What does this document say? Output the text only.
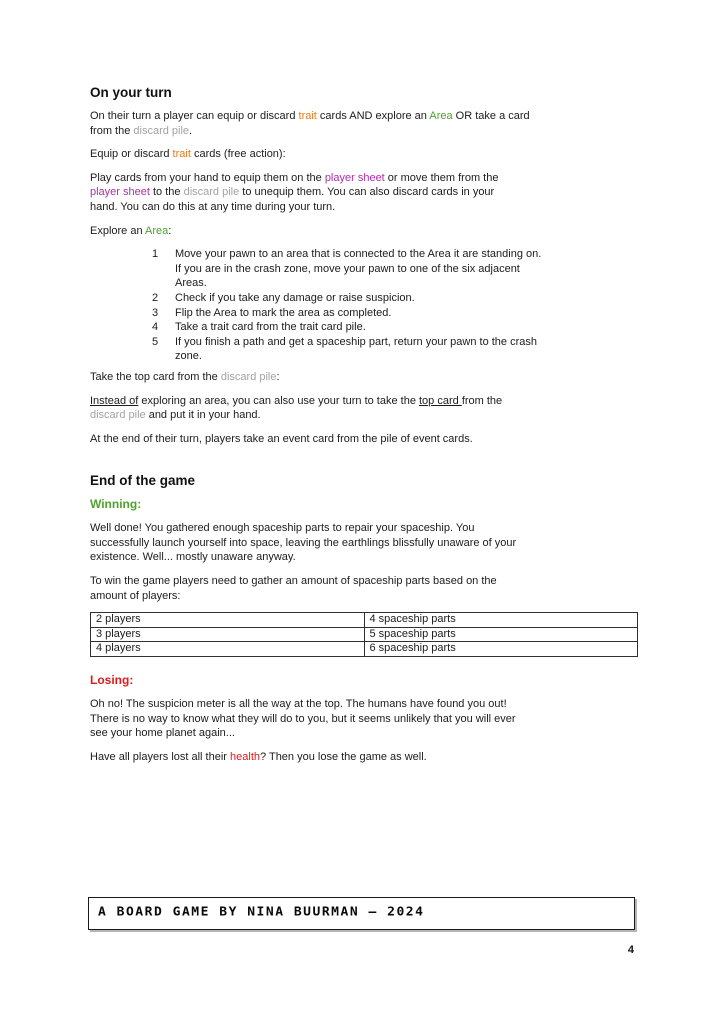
On your turn

On their turn a player can equip or discard trait cards AND explore an Area OR take a card
from the discard pile.

Equip or discard trait cards (free action):

Play cards from your hand to equip them on the player sheet or move them from the
player sheet to the discard pile to unequip them. You can also discard cards in your
hand. You can do this at any time during your turn.

Explore an Area:

1	Move your pawn to an area that is connected to the Area it are standing on.
If you are in the crash zone, move your pawn to one of the six adjacent
Areas.
2	Check if you take any damage or raise suspicion.
3	Flip the Area to mark the area as completed.
4	Take a trait card from the trait card pile.
5	If you finish a path and get a spaceship part, return your pawn to the crash
zone.

Take the top card from the discard pile:

Instead of exploring an area, you can also use your turn to take the top card from the
discard pile and put it in your hand.

At the end of their turn, players take an event card from the pile of event cards.

End of the game
Winning:

Well done! You gathered enough spaceship parts to repair your spaceship. You
successfully launch yourself into space, leaving the earthlings blissfully unaware of your
existence. Well... mostly unaware anyway.

To win the game players need to gather an amount of spaceship parts based on the
amount of players:

2 players	4 spaceship parts
3 players	5 spaceship parts
4 players	6 spaceship parts
Losing:

Oh no! The suspicion meter is all the way at the top. The humans have found you out!
There is no way to know what they will do to you, but it seems unlikely that you will ever
see your home planet again...

Have all players lost all their health? Then you lose the game as well.

A BOARD GAME BY NINA BUURMAN – 2024
4
